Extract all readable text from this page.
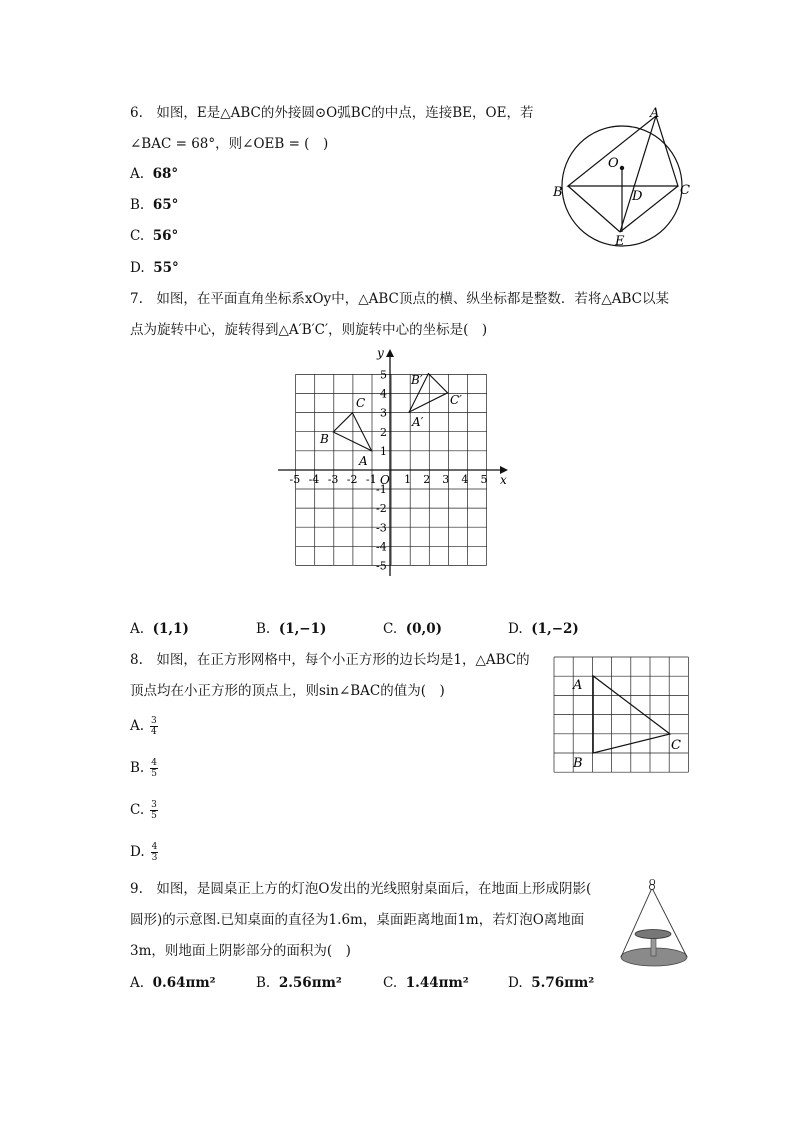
6.　如图，E是△ABC的外接圆⊙O弧BC的中点，连接BE，OE，若
∠BAC = 68°，则∠OEB = (　)
A. 68°
B. 65°
C. 56°
D. 55°
A
O
B	D	C
E
7.　如图，在平面直角坐标系xOy中，△ABC顶点的横、纵坐标都是整数．若将△ABC以某
点为旋转中心，旋转得到△A′B′C′，则旋转中心的坐标是(　)
-5 -4 -3 -2 -1 1 2 3 4 5
5
4
3
2
1
-1
-2
-3
-4
-5
y
x
O
A
B
C
A′
B′
C′
A. (1,1)	B. (1,−1)	C. (0,0)	D. (1,−2)
8.　如图，在正方形网格中，每个小正方形的边长均是1，△ABC的
顶点均在小正方形的顶点上，则sin∠BAC的值为(　)
A. $\frac{3}{4}$
B. $\frac{4}{5}$
C. $\frac{3}{5}$
D. $\frac{4}{3}$
A
B
C
9.　如图，是圆桌正上方的灯泡O发出的光线照射桌面后，在地面上形成阴影(
圆形)的示意图.已知桌面的直径为1.6m，桌面距离地面1m，若灯泡O离地面
3m，则地面上阴影部分的面积为(　)
A. 0.64πm²	B. 2.56πm²	C. 1.44πm²	D. 5.76πm²
O
